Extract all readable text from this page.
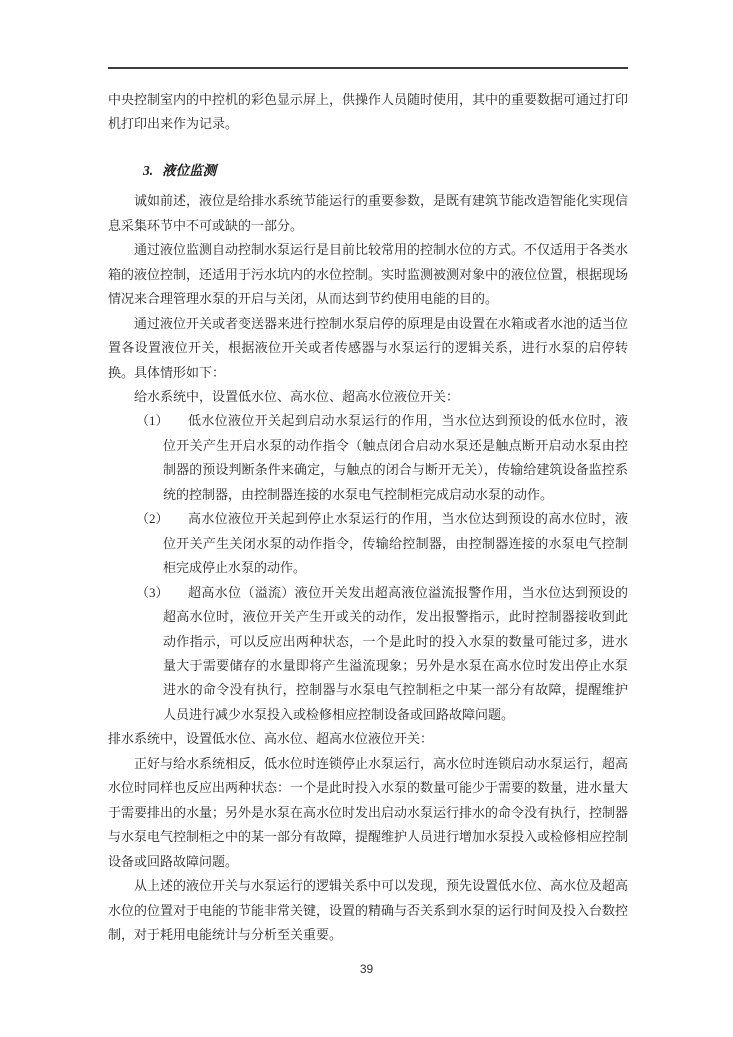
中央控制室内的中控机的彩色显示屏上，供操作人员随时使用，其中的重要数据可通过打印机打印出来作为记录。

3. 液位监测

诚如前述，液位是给排水系统节能运行的重要参数，是既有建筑节能改造智能化实现信息采集环节中不可或缺的一部分。

通过液位监测自动控制水泵运行是目前比较常用的控制水位的方式。不仅适用于各类水箱的液位控制，还适用于污水坑内的水位控制。实时监测被测对象中的液位位置，根据现场情况来合理管理水泵的开启与关闭，从而达到节约使用电能的目的。

通过液位开关或者变送器来进行控制水泵启停的原理是由设置在水箱或者水池的适当位置各设置液位开关，根据液位开关或者传感器与水泵运行的逻辑关系，进行水泵的启停转换。具体情形如下：

给水系统中，设置低水位、高水位、超高水位液位开关：

（1）	低水位液位开关起到启动水泵运行的作用，当水位达到预设的低水位时，液位开关产生开启水泵的动作指令（触点闭合启动水泵还是触点断开启动水泵由控制器的预设判断条件来确定，与触点的闭合与断开无关），传输给建筑设备监控系统的控制器，由控制器连接的水泵电气控制柜完成启动水泵的动作。
（2）	高水位液位开关起到停止水泵运行的作用，当水位达到预设的高水位时，液位开关产生关闭水泵的动作指令，传输给控制器，由控制器连接的水泵电气控制柜完成停止水泵的动作。
（3）	超高水位（溢流）液位开关发出超高液位溢流报警作用，当水位达到预设的超高水位时，液位开关产生开或关的动作，发出报警指示，此时控制器接收到此动作指示，可以反应出两种状态，一个是此时的投入水泵的数量可能过多，进水量大于需要储存的水量即将产生溢流现象；另外是水泵在高水位时发出停止水泵进水的命令没有执行，控制器与水泵电气控制柜之中某一部分有故障，提醒维护人员进行减少水泵投入或检修相应控制设备或回路故障问题。

排水系统中，设置低水位、高水位、超高水位液位开关：

正好与给水系统相反，低水位时连锁停止水泵运行，高水位时连锁启动水泵运行，超高水位时同样也反应出两种状态：一个是此时投入水泵的数量可能少于需要的数量，进水量大于需要排出的水量；另外是水泵在高水位时发出启动水泵运行排水的命令没有执行，控制器与水泵电气控制柜之中的某一部分有故障，提醒维护人员进行增加水泵投入或检修相应控制设备或回路故障问题。

从上述的液位开关与水泵运行的逻辑关系中可以发现，预先设置低水位、高水位及超高水位的位置对于电能的节能非常关键，设置的精确与否关系到水泵的运行时间及投入台数控制，对于耗用电能统计与分析至关重要。

39
